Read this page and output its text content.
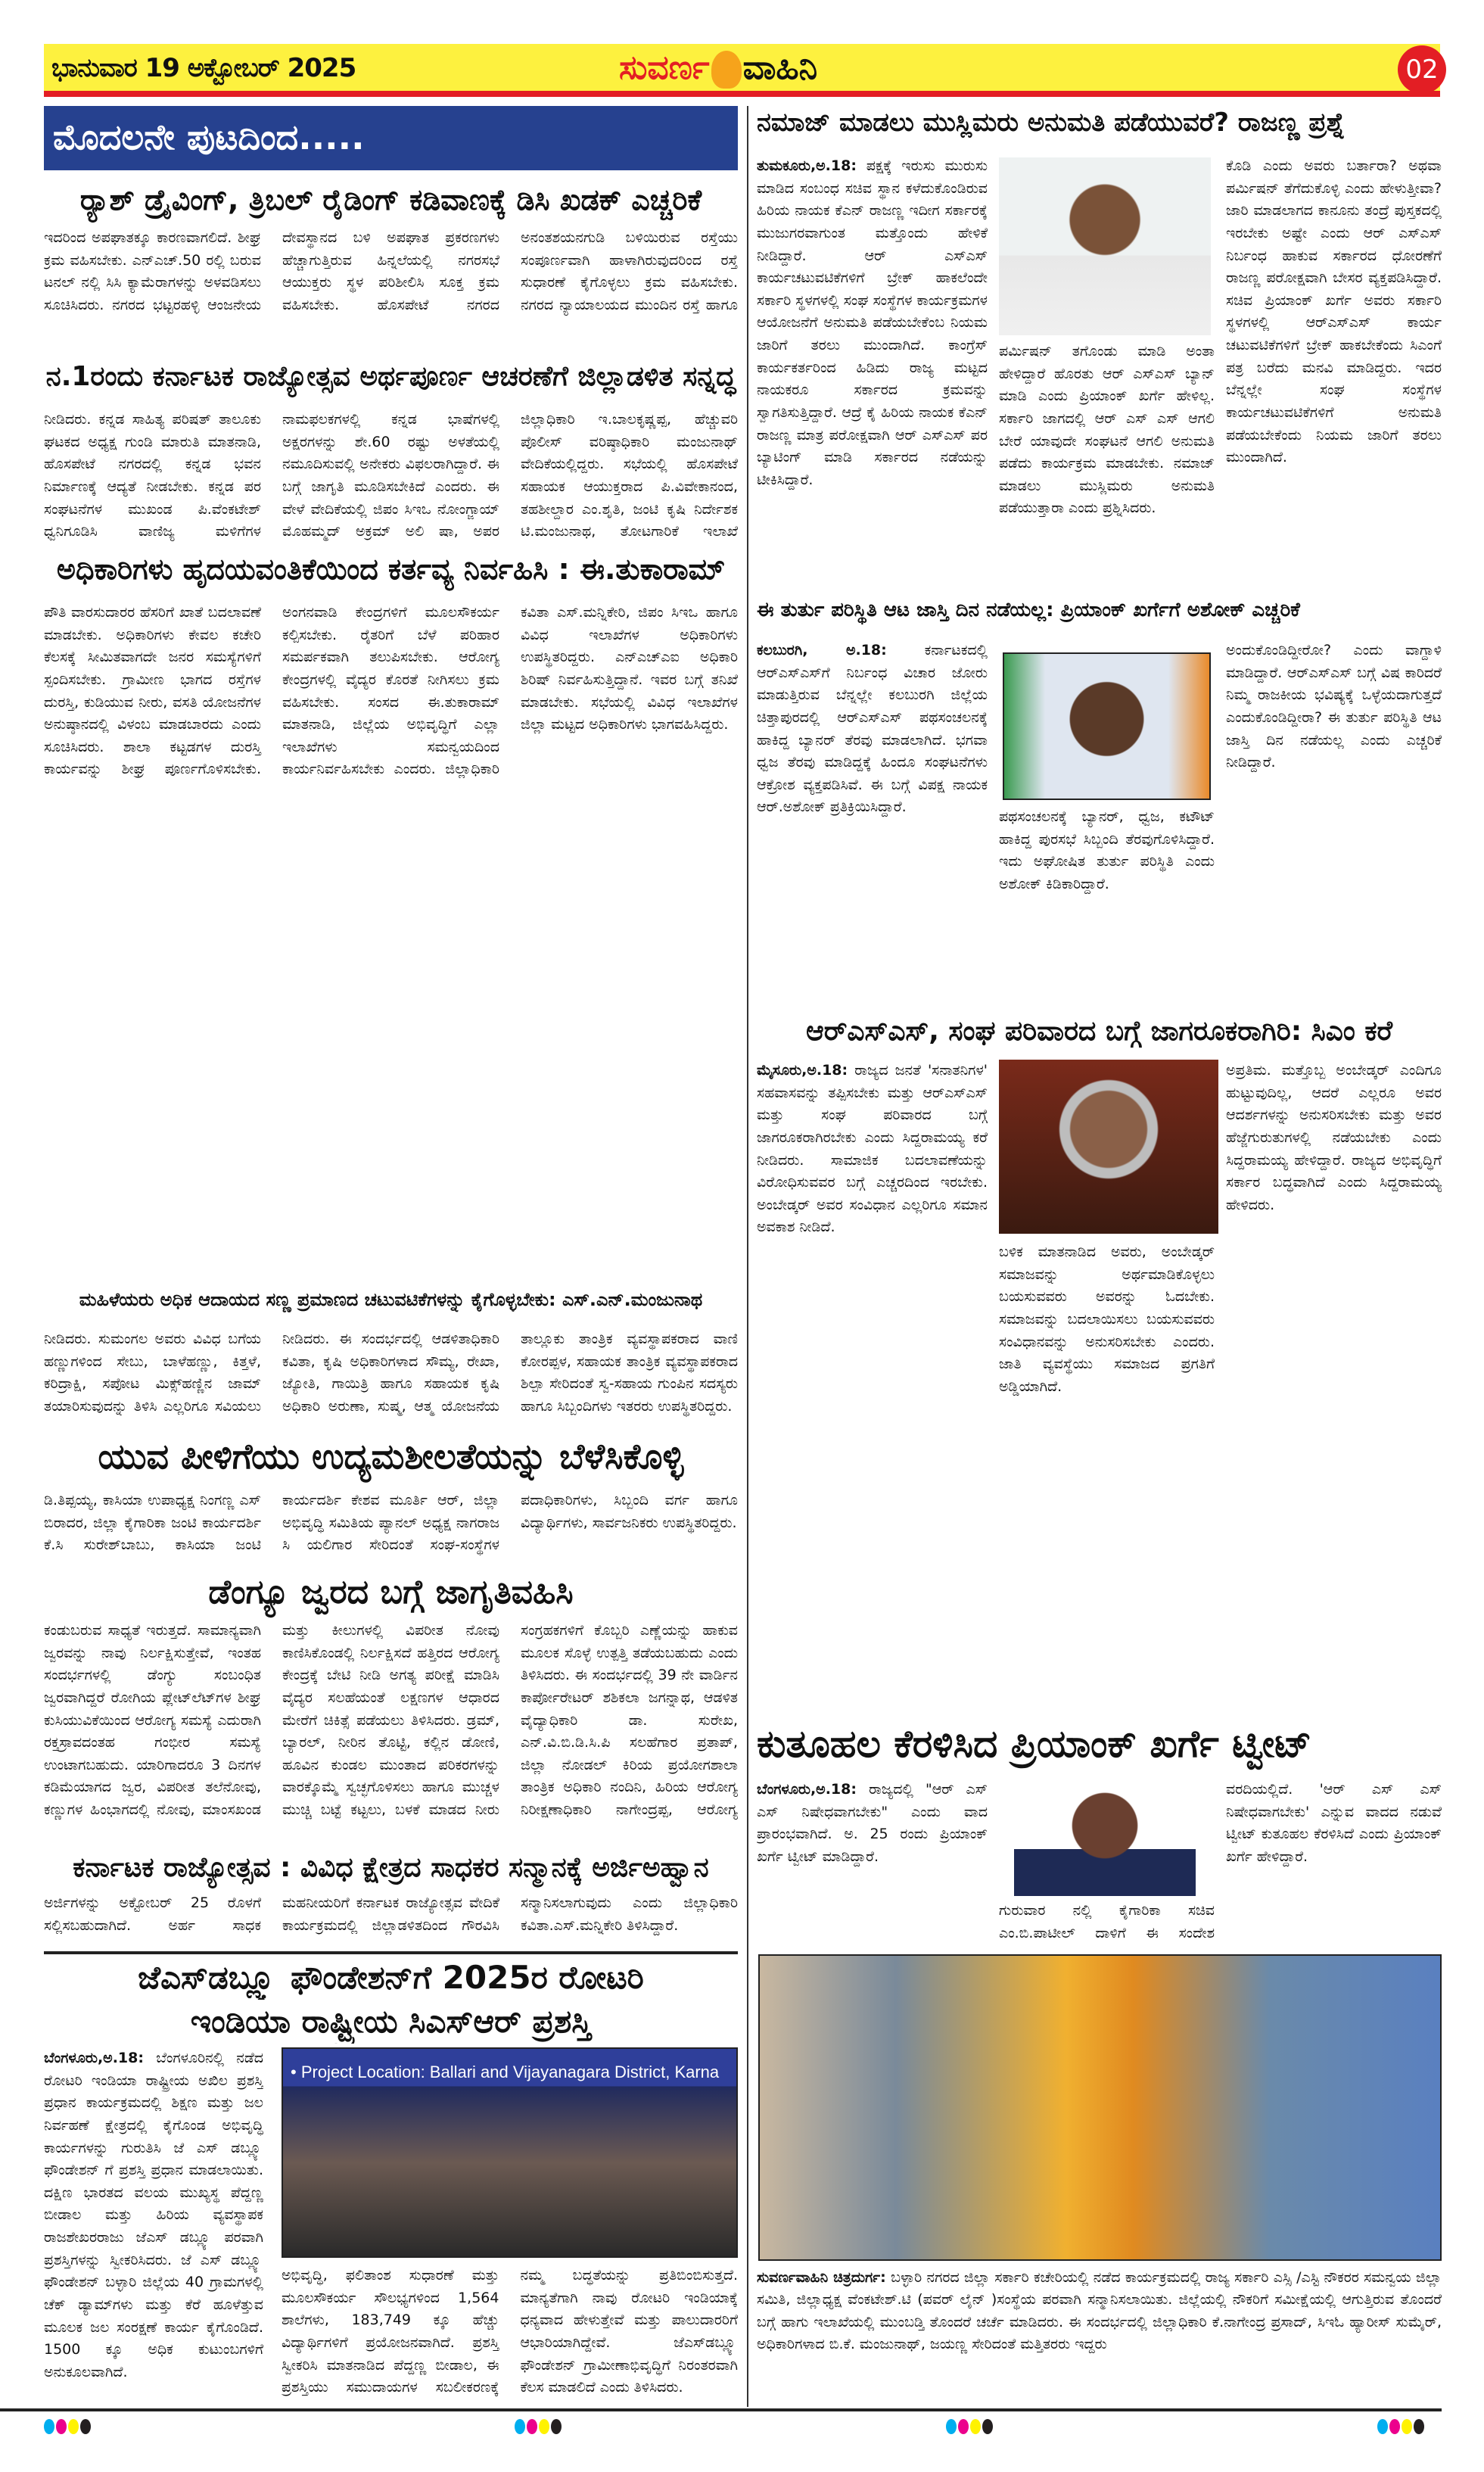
ಭಾನುವಾರ 19 ಅಕ್ಟೋಬರ್ 2025	ಸುವರ್ಣ ವಾಹಿನಿ	02
ಮೊದಲನೇ ಪುಟದಿಂದ.....
ರ್‍ಯಾಶ್ ಡ್ರೈವಿಂಗ್, ತ್ರಿಬಲ್ ರೈಡಿಂಗ್ ಕಡಿವಾಣಕ್ಕೆ ಡಿಸಿ ಖಡಕ್ ಎಚ್ಚರಿಕೆ
ಇದರಿಂದ ಅಪಘಾತಕ್ಕೂ ಕಾರಣವಾಗಲಿದೆ. ಶೀಘ್ರ ಕ್ರಮ ವಹಿಸಬೇಕು. ಎನ್‌ಎಚ್.50 ರಲ್ಲಿ ಬರುವ ಟನಲ್ ನಲ್ಲಿ ಸಿಸಿ ಕ್ಯಾಮೆರಾಗಳನ್ನು ಅಳವಡಿಸಲು ಸೂಚಿಸಿದರು. ನಗರದ ಭಟ್ಟರಹಳ್ಳಿ ಆಂಜನೇಯ ದೇವಸ್ಥಾನದ ಬಳಿ ಅಪಘಾತ ಪ್ರಕರಣಗಳು ಹೆಚ್ಚಾಗುತ್ತಿರುವ ಹಿನ್ನಲೆಯಲ್ಲಿ ನಗರಸಭೆ ಆಯುಕ್ತರು ಸ್ಥಳ ಪರಿಶೀಲಿಸಿ ಸೂಕ್ತ ಕ್ರಮ ವಹಿಸಬೇಕು. ಹೊಸಪೇಟೆ ನಗರದ ಅನಂತಶಯನಗುಡಿ ಬಳಿಯಿರುವ ರಸ್ತೆಯು ಸಂಪೂರ್ಣವಾಗಿ ಹಾಳಾಗಿರುವುದರಿಂದ ರಸ್ತೆ ಸುಧಾರಣೆ ಕೈಗೊಳ್ಳಲು ಕ್ರಮ ವಹಿಸಬೇಕು. ನಗರದ ನ್ಯಾಯಾಲಯದ ಮುಂದಿನ ರಸ್ತೆ ಹಾಗೂ
ನ.1ರಂದು ಕರ್ನಾಟಕ ರಾಜ್ಯೋತ್ಸವ ಅರ್ಥಪೂರ್ಣ ಆಚರಣೆಗೆ ಜಿಲ್ಲಾಡಳಿತ ಸನ್ನದ್ಧ
ನೀಡಿದರು. ಕನ್ನಡ ಸಾಹಿತ್ಯ ಪರಿಷತ್ ತಾಲೂಕು ಘಟಕದ ಅಧ್ಯಕ್ಷ ಗುಂಡಿ ಮಾರುತಿ ಮಾತನಾಡಿ, ಹೊಸಪೇಟೆ ನಗರದಲ್ಲಿ ಕನ್ನಡ ಭವನ ನಿರ್ಮಾಣಕ್ಕೆ ಆದ್ಯತೆ ನೀಡಬೇಕು. ಕನ್ನಡ ಪರ ಸಂಘಟನೆಗಳ ಮುಖಂಡ ಪಿ.ವೆಂಕಟೇಶ್ ಧ್ವನಿಗೂಡಿಸಿ ವಾಣಿಜ್ಯ ಮಳಿಗೆಗಳ ನಾಮಫಲಕಗಳಲ್ಲಿ ಕನ್ನಡ ಭಾಷೆಗಳಲ್ಲಿ ಅಕ್ಷರಗಳನ್ನು ಶೇ.60 ರಷ್ಟು ಅಳತೆಯಲ್ಲಿ ನಮೂದಿಸುವಲ್ಲಿ ಅನೇಕರು ವಿಫಲರಾಗಿದ್ದಾರೆ. ಈ ಬಗ್ಗೆ ಜಾಗೃತಿ ಮೂಡಿಸಬೇಕಿದೆ ಎಂದರು. ಈ ವೇಳೆ ವೇದಿಕೆಯಲ್ಲಿ ಜಿಪಂ ಸಿಇಒ ನೋಂಗ್ಜಾಯ್ ಮೊಹಮ್ಮದ್ ಅಕ್ರಮ್ ಅಲಿ ಷಾ, ಅಪರ ಜಿಲ್ಲಾಧಿಕಾರಿ ಇ.ಬಾಲಕೃಷ್ಣಪ್ಪ, ಹೆಚ್ಚುವರಿ ಪೊಲೀಸ್ ವರಿಷ್ಠಾಧಿಕಾರಿ ಮಂಜುನಾಥ್ ವೇದಿಕೆಯಲ್ಲಿದ್ದರು. ಸಭೆಯಲ್ಲಿ ಹೊಸಪೇಟೆ ಸಹಾಯಕ ಆಯುಕ್ತರಾದ ಪಿ.ವಿವೇಕಾನಂದ, ತಹಶೀಲ್ದಾರ ಎಂ.ಶೃತಿ, ಜಂಟಿ ಕೃಷಿ ನಿರ್ದೇಶಕ ಟಿ.ಮಂಜುನಾಥ, ತೋಟಗಾರಿಕೆ ಇಲಾಖೆ
ಅಧಿಕಾರಿಗಳು ಹೃದಯವಂತಿಕೆಯಿಂದ ಕರ್ತವ್ಯ ನಿರ್ವಹಿಸಿ : ಈ.ತುಕಾರಾಮ್
ಪೌತಿ ವಾರಸುದಾರರ ಹೆಸರಿಗೆ ಖಾತೆ ಬದಲಾವಣೆ ಮಾಡಬೇಕು. ಅಧಿಕಾರಿಗಳು ಕೇವಲ ಕಚೇರಿ ಕೆಲಸಕ್ಕೆ ಸೀಮಿತವಾಗದೇ ಜನರ ಸಮಸ್ಯೆಗಳಿಗೆ ಸ್ಪಂದಿಸಬೇಕು. ಗ್ರಾಮೀಣ ಭಾಗದ ರಸ್ತೆಗಳ ದುರಸ್ತಿ, ಕುಡಿಯುವ ನೀರು, ವಸತಿ ಯೋಜನೆಗಳ ಅನುಷ್ಠಾನದಲ್ಲಿ ವಿಳಂಬ ಮಾಡಬಾರದು ಎಂದು ಸೂಚಿಸಿದರು. ಶಾಲಾ ಕಟ್ಟಡಗಳ ದುರಸ್ತಿ ಕಾರ್ಯವನ್ನು ಶೀಘ್ರ ಪೂರ್ಣಗೊಳಿಸಬೇಕು. ಅಂಗನವಾಡಿ ಕೇಂದ್ರಗಳಿಗೆ ಮೂಲಸೌಕರ್ಯ ಕಲ್ಪಿಸಬೇಕು. ರೈತರಿಗೆ ಬೆಳೆ ಪರಿಹಾರ ಸಮರ್ಪಕವಾಗಿ ತಲುಪಿಸಬೇಕು. ಆರೋಗ್ಯ ಕೇಂದ್ರಗಳಲ್ಲಿ ವೈದ್ಯರ ಕೊರತೆ ನೀಗಿಸಲು ಕ್ರಮ ವಹಿಸಬೇಕು. ಸಂಸದ ಈ.ತುಕಾರಾಮ್ ಮಾತನಾಡಿ, ಜಿಲ್ಲೆಯ ಅಭಿವೃದ್ಧಿಗೆ ಎಲ್ಲಾ ಇಲಾಖೆಗಳು ಸಮನ್ವಯದಿಂದ ಕಾರ್ಯನಿರ್ವಹಿಸಬೇಕು ಎಂದರು. ಜಿಲ್ಲಾಧಿಕಾರಿ ಕವಿತಾ ಎಸ್.ಮನ್ನಿಕೇರಿ, ಜಿಪಂ ಸಿಇಒ ಹಾಗೂ ವಿವಿಧ ಇಲಾಖೆಗಳ ಅಧಿಕಾರಿಗಳು ಉಪಸ್ಥಿತರಿದ್ದರು. ಎನ್‌ಎಚ್‌ಎಐ ಅಧಿಕಾರಿ ಶಿರಿಷ್ ನಿರ್ವಹಿಸುತ್ತಿದ್ದಾನೆ. ಇವರ ಬಗ್ಗೆ ತನಿಖೆ ಮಾಡಬೇಕು. ಸಭೆಯಲ್ಲಿ ವಿವಿಧ ಇಲಾಖೆಗಳ ಜಿಲ್ಲಾ ಮಟ್ಟದ ಅಧಿಕಾರಿಗಳು ಭಾಗವಹಿಸಿದ್ದರು.
ಮಹಿಳೆಯರು ಅಧಿಕ ಆದಾಯದ ಸಣ್ಣ ಪ್ರಮಾಣದ ಚಟುವಟಿಕೆಗಳನ್ನು ಕೈಗೊಳ್ಳಬೇಕು: ಎಸ್.ಎನ್.ಮಂಜುನಾಥ
ನೀಡಿದರು. ಸುಮಂಗಲ ಅವರು ವಿವಿಧ ಬಗೆಯ ಹಣ್ಣುಗಳಿಂದ ಸೇಬು, ಬಾಳೆಹಣ್ಣು, ಕಿತ್ತಳೆ, ಕರಿದ್ರಾಕ್ಷಿ, ಸಪೋಟ ಮಿಕ್ಸ್‌ಹಣ್ಣಿನ ಜಾಮ್ ತಯಾರಿಸುವುದನ್ನು ತಿಳಿಸಿ ಎಲ್ಲರಿಗೂ ಸವಿಯಲು ನೀಡಿದರು. ಈ ಸಂದರ್ಭದಲ್ಲಿ ಆಡಳಿತಾಧಿಕಾರಿ ಕವಿತಾ, ಕೃಷಿ ಅಧಿಕಾರಿಗಳಾದ ಸೌಮ್ಯ, ರೇಖಾ, ಜ್ಯೋತಿ, ಗಾಯಿತ್ರಿ ಹಾಗೂ ಸಹಾಯಕ ಕೃಷಿ ಅಧಿಕಾರಿ ಅರುಣಾ, ಸುಷ್ಮ, ಆತ್ಮ ಯೋಜನೆಯ ತಾಲ್ಲೂಕು ತಾಂತ್ರಿಕ ವ್ಯವಸ್ಥಾಪಕರಾದ ವಾಣಿ ಕೋರಪ್ಪಳ, ಸಹಾಯಕ ತಾಂತ್ರಿಕ ವ್ಯವಸ್ಥಾಪಕರಾದ ಶಿಲ್ಪಾ ಸೇರಿದಂತೆ ಸ್ವ-ಸಹಾಯ ಗುಂಪಿನ ಸದಸ್ಯರು ಹಾಗೂ ಸಿಬ್ಬಂದಿಗಳು ಇತರರು ಉಪಸ್ಥಿತರಿದ್ದರು.
ಯುವ ಪೀಳಿಗೆಯು ಉದ್ಯಮಶೀಲತೆಯನ್ನು ಬೆಳೆಸಿಕೊಳ್ಳಿ
ಡಿ.ತಿಪ್ಪಯ್ಯ, ಕಾಸಿಯಾ ಉಪಾಧ್ಯಕ್ಷ ನಿಂಗಣ್ಣ ಎಸ್ ಬಿರಾದರ, ಜಿಲ್ಲಾ ಕೈಗಾರಿಕಾ ಜಂಟಿ ಕಾರ್ಯದರ್ಶಿ ಕೆ.ಸಿ ಸುರೇಶ್‌ಬಾಬು, ಕಾಸಿಯಾ ಜಂಟಿ ಕಾರ್ಯದರ್ಶಿ ಕೇಶವ ಮೂರ್ತಿ ಆರ್, ಜಿಲ್ಲಾ ಅಭಿವೃದ್ಧಿ ಸಮಿತಿಯ ಪ್ಯಾನಲ್ ಅಧ್ಯಕ್ಷ ನಾಗರಾಜ ಸಿ ಯಲಿಗಾರ ಸೇರಿದಂತೆ ಸಂಘ-ಸಂಸ್ಥೆಗಳ ಪದಾಧಿಕಾರಿಗಳು, ಸಿಬ್ಬಂದಿ ವರ್ಗ ಹಾಗೂ ವಿದ್ಯಾರ್ಥಿಗಳು, ಸಾರ್ವಜನಿಕರು ಉಪಸ್ಥಿತರಿದ್ದರು.
ಡೆಂಗ್ಯೂ ಜ್ವರದ ಬಗ್ಗೆ ಜಾಗೃತಿವಹಿಸಿ
ಕಂಡುಬರುವ ಸಾಧ್ಯತೆ ಇರುತ್ತದೆ. ಸಾಮಾನ್ಯವಾಗಿ ಜ್ವರವನ್ನು ನಾವು ನಿರ್ಲಕ್ಷಿಸುತ್ತೇವೆ, ಇಂತಹ ಸಂದರ್ಭಗಳಲ್ಲಿ ಡೆಂಗ್ಯು ಸಂಬಂಧಿತ ಜ್ವರವಾಗಿದ್ದರೆ ರೋಗಿಯ ಪ್ಲೇಟ್‌ಲೆಟ್‌ಗಳ ಶೀಘ್ರ ಕುಸಿಯುವಿಕೆಯಿಂದ ಆರೋಗ್ಯ ಸಮಸ್ಯೆ ಎದುರಾಗಿ ರಕ್ತಸ್ರಾವದಂತಹ ಗಂಭೀರ ಸಮಸ್ಯೆ ಉಂಟಾಗಬಹುದು. ಯಾರಿಗಾದರೂ 3 ದಿನಗಳ ಕಡಿಮೆಯಾಗದ ಜ್ವರ, ವಿಪರೀತ ತಲೆನೋವು, ಕಣ್ಣುಗಳ ಹಿಂಭಾಗದಲ್ಲಿ ನೋವು, ಮಾಂಸಖಂಡ ಮತ್ತು ಕೀಲುಗಳಲ್ಲಿ ವಿಪರೀತ ನೋವು ಕಾಣಿಸಿಕೊಂಡಲ್ಲಿ ನಿರ್ಲಕ್ಷಿಸದೆ ಹತ್ತಿರದ ಆರೋಗ್ಯ ಕೇಂದ್ರಕ್ಕೆ ಬೇಟಿ ನೀಡಿ ಅಗತ್ಯ ಪರೀಕ್ಷೆ ಮಾಡಿಸಿ ವೈದ್ಯರ ಸಲಹೆಯಂತೆ ಲಕ್ಷಣಗಳ ಆಧಾರದ ಮೇರೆಗೆ ಚಿಕಿತ್ಸೆ ಪಡೆಯಲು ತಿಳಿಸಿದರು. ಡ್ರಮ್, ಬ್ಯಾರಲ್, ನೀರಿನ ತೊಟ್ಟಿ, ಕಲ್ಲಿನ ಡೋಣಿ, ಹೂವಿನ ಕುಂಡಲ ಮುಂತಾದ ಪರಿಕರಗಳನ್ನು ವಾರಕ್ಕೊಮ್ಮೆ ಸ್ವಚ್ಛಗೊಳಿಸಲು ಹಾಗೂ ಮುಚ್ಚಳ ಮುಚ್ಚಿ ಬಟ್ಟೆ ಕಟ್ಟಲು, ಬಳಕೆ ಮಾಡದ ನೀರು ಸಂಗ್ರಹಕಗಳಿಗೆ ಕೊಬ್ಬರಿ ಎಣ್ಣೆಯನ್ನು ಹಾಕುವ ಮೂಲಕ ಸೊಳ್ಳೆ ಉತ್ಪತ್ತಿ ತಡೆಯಬಹುದು ಎಂದು ತಿಳಿಸಿದರು. ಈ ಸಂದರ್ಭದಲ್ಲಿ 39 ನೇ ವಾರ್ಡಿನ ಕಾರ್ಪೋರೇಟರ್ ಶಶಿಕಲಾ ಜಗನ್ನಾಥ, ಆಡಳಿತ ವೈದ್ಯಾಧಿಕಾರಿ ಡಾ. ಸುರೇಖ, ಎನ್.ವಿ.ಬಿ.ಡಿ.ಸಿ.ಪಿ ಸಲಹೆಗಾರ ಪ್ರತಾಪ್, ಜಿಲ್ಲಾ ನೋಡಲ್ ಕಿರಿಯ ಪ್ರಯೋಗಶಾಲಾ ತಾಂತ್ರಿಕ ಅಧಿಕಾರಿ ನಂದಿನಿ, ಹಿರಿಯ ಆರೋಗ್ಯ ನಿರೀಕ್ಷಣಾಧಿಕಾರಿ ನಾಗೇಂದ್ರಪ್ಪ, ಆರೋಗ್ಯ
ಕರ್ನಾಟಕ ರಾಜ್ಯೋತ್ಸವ : ವಿವಿಧ ಕ್ಷೇತ್ರದ ಸಾಧಕರ ಸನ್ಮಾನಕ್ಕೆ ಅರ್ಜಿಅಹ್ವಾನ
ಅರ್ಜಿಗಳನ್ನು ಅಕ್ಟೋಬರ್ 25 ರೊಳಗೆ ಸಲ್ಲಿಸಬಹುದಾಗಿದೆ. ಅರ್ಹ ಸಾಧಕ ಮಹನೀಯರಿಗೆ ಕರ್ನಾಟಕ ರಾಜ್ಯೋತ್ಸವ ವೇದಿಕೆ ಕಾರ್ಯಕ್ರಮದಲ್ಲಿ ಜಿಲ್ಲಾಡಳಿತದಿಂದ ಗೌರವಿಸಿ ಸನ್ಮಾನಿಸಲಾಗುವುದು ಎಂದು ಜಿಲ್ಲಾಧಿಕಾರಿ ಕವಿತಾ.ಎಸ್.ಮನ್ನಿಕೇರಿ ತಿಳಿಸಿದ್ದಾರೆ.
ಜೆಎಸ್‌ಡಬ್ಲ್ಯೂ ಫೌಂಡೇಶನ್‌ಗೆ 2025ರ ರೋಟರಿ
ಇಂಡಿಯಾ ರಾಷ್ಟ್ರೀಯ ಸಿಎಸ್‌ಆರ್ ಪ್ರಶಸ್ತಿ
ಬೆಂಗಳೂರು,ಅ.18: ಬೆಂಗಳೂರಿನಲ್ಲಿ ನಡೆದ ರೋಟರಿ ಇಂಡಿಯಾ ರಾಷ್ಟ್ರೀಯ ಅಖಿಲ ಪ್ರಶಸ್ತಿ ಪ್ರಧಾನ ಕಾರ್ಯಕ್ರಮದಲ್ಲಿ ಶಿಕ್ಷಣ ಮತ್ತು ಜಲ ನಿರ್ವಹಣೆ ಕ್ಷೇತ್ರದಲ್ಲಿ ಕೈಗೊಂಡ ಅಭಿವೃದ್ಧಿ ಕಾರ್ಯಗಳನ್ನು ಗುರುತಿಸಿ ಜೆ ಎಸ್ ಡಬ್ಲ್ಯೂ ಫೌಂಡೇಶನ್ ಗೆ ಪ್ರಶಸ್ತಿ ಪ್ರಧಾನ ಮಾಡಲಾಯಿತು. ದಕ್ಷಿಣ ಭಾರತದ ವಲಯ ಮುಖ್ಯಸ್ಥ ಪೆದ್ದಣ್ಣ ಬೀಡಾಲ ಮತ್ತು ಹಿರಿಯ ವ್ಯವಸ್ಥಾಪಕ ರಾಜಶೇಖರರಾಜು ಜೆಎಸ್ ಡಬ್ಲ್ಯೂ ಪರವಾಗಿ ಪ್ರಶಸ್ತಿಗಳನ್ನು ಸ್ವೀಕರಿಸಿದರು. ಜೆ ಎಸ್ ಡಬ್ಲ್ಯೂ ಫೌಂಡೇಶನ್ ಬಳ್ಳಾರಿ ಜಿಲ್ಲೆಯ 40 ಗ್ರಾಮಗಳಲ್ಲಿ ಚೆಕ್ ಡ್ಯಾಮ್‌ಗಳು ಮತ್ತು ಕೆರೆ ಹೂಳೆತ್ತುವ ಮೂಲಕ ಜಲ ಸಂರಕ್ಷಣೆ ಕಾರ್ಯ ಕೈಗೊಂಡಿದೆ. 1500 ಕ್ಕೂ ಅಧಿಕ ಕುಟುಂಬಗಳಿಗೆ ಅನುಕೂಲವಾಗಿದೆ.
• Project Location: Ballari and Vijayanagara District, Karna
ಅಭಿವೃದ್ಧಿ, ಫಲಿತಾಂಶ ಸುಧಾರಣೆ ಮತ್ತು ಮೂಲಸೌಕರ್ಯ ಸೌಲಭ್ಯಗಳಿಂದ 1,564 ಶಾಲೆಗಳು, 183,749 ಕ್ಕೂ ಹೆಚ್ಚು ವಿದ್ಯಾರ್ಥಿಗಳಿಗೆ ಪ್ರಯೋಜನವಾಗಿದೆ. ಪ್ರಶಸ್ತಿ ಸ್ವೀಕರಿಸಿ ಮಾತನಾಡಿದ ಪೆದ್ದಣ್ಣ ಬೀಡಾಲ, ಈ ಪ್ರಶಸ್ತಿಯು ಸಮುದಾಯಗಳ ಸಬಲೀಕರಣಕ್ಕೆ ನಮ್ಮ ಬದ್ಧತೆಯನ್ನು ಪ್ರತಿಬಿಂಬಿಸುತ್ತದೆ. ಮಾನ್ಯತೆಗಾಗಿ ನಾವು ರೋಟರಿ ಇಂಡಿಯಾಕ್ಕೆ ಧನ್ಯವಾದ ಹೇಳುತ್ತೇವೆ ಮತ್ತು ಪಾಲುದಾರರಿಗೆ ಆಭಾರಿಯಾಗಿದ್ದೇವೆ. ಜೆಎಸ್‌ಡಬ್ಲ್ಯೂ ಫೌಂಡೇಶನ್ ಗ್ರಾಮೀಣಾಭಿವೃದ್ಧಿಗೆ ನಿರಂತರವಾಗಿ ಕೆಲಸ ಮಾಡಲಿದೆ ಎಂದು ತಿಳಿಸಿದರು.
ನಮಾಜ್ ಮಾಡಲು ಮುಸ್ಲಿಮರು ಅನುಮತಿ ಪಡೆಯುವರೆ? ರಾಜಣ್ಣ ಪ್ರಶ್ನೆ
ತುಮಕೂರು,ಅ.18: ಪಕ್ಷಕ್ಕೆ ಇರುಸು ಮುರುಸು ಮಾಡಿದ ಸಂಬಂಧ ಸಚಿವ ಸ್ಥಾನ ಕಳೆದುಕೊಂಡಿರುವ ಹಿರಿಯ ನಾಯಕ ಕೆಎನ್ ರಾಜಣ್ಣ ಇದೀಗ ಸರ್ಕಾರಕ್ಕೆ ಮುಜುಗರವಾಗುಂತ ಮತ್ತೊಂದು ಹೇಳಿಕೆ ನೀಡಿದ್ದಾರೆ. ಆರ್ ಎಸ್‌ಎಸ್ ಕಾರ್ಯಚಟುವಟಿಕೆಗಳಿಗೆ ಬ್ರೇಕ್ ಹಾಕಲೆಂದೇ ಸರ್ಕಾರಿ ಸ್ಥಳಗಳಲ್ಲಿ ಸಂಘ ಸಂಸ್ಥೆಗಳ ಕಾರ್ಯಕ್ರಮಗಳ ಆಯೋಜನೆಗೆ ಅನುಮತಿ ಪಡೆಯಬೇಕೆಂಬ ನಿಯಮ ಜಾರಿಗೆ ತರಲು ಮುಂದಾಗಿದೆ. ಕಾಂಗ್ರೆಸ್ ಕಾರ್ಯಕರ್ತರಿಂದ ಹಿಡಿದು ರಾಜ್ಯ ಮಟ್ಟದ ನಾಯಕರೂ ಸರ್ಕಾರದ ಕ್ರಮವನ್ನು ಸ್ವಾಗತಿಸುತ್ತಿದ್ದಾರೆ. ಆದ್ರೆ ಕೈ ಹಿರಿಯ ನಾಯಕ ಕೆಎನ್ ರಾಜಣ್ಣ ಮಾತ್ರ ಪರೋಕ್ಷವಾಗಿ ಆರ್ ಎಸ್‌ಎಸ್ ಪರ ಬ್ಯಾಟಿಂಗ್ ಮಾಡಿ ಸರ್ಕಾರದ ನಡೆಯನ್ನು ಟೀಕಿಸಿದ್ದಾರೆ.
ಪರ್ಮಿಷನ್ ತಗೊಂಡು ಮಾಡಿ ಅಂತಾ ಹೇಳಿದ್ದಾರೆ ಹೊರತು ಆರ್ ಎಸ್‌ಎಸ್ ಬ್ಯಾನ್ ಮಾಡಿ ಎಂದು ಪ್ರಿಯಾಂಕ್ ಖರ್ಗೆ ಹೇಳಿಲ್ಲ. ಸರ್ಕಾರಿ ಜಾಗದಲ್ಲಿ ಆರ್ ಎಸ್ ಎಸ್ ಆಗಲಿ ಬೇರೆ ಯಾವುದೇ ಸಂಘಟನೆ ಆಗಲಿ ಅನುಮತಿ ಪಡೆದು ಕಾರ್ಯಕ್ರಮ ಮಾಡಬೇಕು. ನಮಾಜ್ ಮಾಡಲು ಮುಸ್ಲಿಮರು ಅನುಮತಿ ಪಡೆಯುತ್ತಾರಾ ಎಂದು ಪ್ರಶ್ನಿಸಿದರು.
ಕೊಡಿ ಎಂದು ಅವರು ಬರ್ತಾರಾ? ಅಥವಾ ಪರ್ಮಿಷನ್ ತೆಗೆದುಕೊಳ್ಳಿ ಎಂದು ಹೇಳುತ್ತೀವಾ? ಜಾರಿ ಮಾಡಲಾಗದ ಕಾನೂನು ತಂದ್ರೆ ಪುಸ್ತಕದಲ್ಲಿ ಇರಬೇಕು ಅಷ್ಟೇ ಎಂದು ಆರ್ ಎಸ್‌ಎಸ್ ನಿರ್ಬಂಧ ಹಾಕುವ ಸರ್ಕಾರದ ಧೋರಣೆಗೆ ರಾಜಣ್ಣ ಪರೋಕ್ಷವಾಗಿ ಬೇಸರ ವ್ಯಕ್ತಪಡಿಸಿದ್ದಾರೆ. ಸಚಿವ ಪ್ರಿಯಾಂಕ್ ಖರ್ಗೆ ಅವರು ಸರ್ಕಾರಿ ಸ್ಥಳಗಳಲ್ಲಿ ಆರ್‌ಎಸ್‌ಎಸ್ ಕಾರ್ಯ ಚಟುವಟಿಕೆಗಳಿಗೆ ಬ್ರೇಕ್ ಹಾಕಬೇಕೆಂದು ಸಿಎಂಗೆ ಪತ್ರ ಬರೆದು ಮನವಿ ಮಾಡಿದ್ದರು. ಇದರ ಬೆನ್ನಲ್ಲೇ ಸಂಘ ಸಂಸ್ಥೆಗಳ ಕಾರ್ಯಚಟುವಟಿಕೆಗಳಿಗೆ ಅನುಮತಿ ಪಡೆಯಬೇಕೆಂದು ನಿಯಮ ಜಾರಿಗೆ ತರಲು ಮುಂದಾಗಿದೆ.
ಈ ತುರ್ತು ಪರಿಸ್ಥಿತಿ ಆಟ ಜಾಸ್ತಿ ದಿನ ನಡೆಯಲ್ಲ: ಪ್ರಿಯಾಂಕ್ ಖರ್ಗೆಗೆ ಅಶೋಕ್ ಎಚ್ಚರಿಕೆ
ಕಲಬುರಗಿ, ಅ.18:	ಕರ್ನಾಟಕದಲ್ಲಿ ಆರ್‌ಎಸ್‌ಎಸ್‌ಗೆ ನಿರ್ಬಂಧ ವಿಚಾರ ಜೋರು ಮಾಡುತ್ತಿರುವ ಬೆನ್ನಲ್ಲೇ ಕಲಬುರಗಿ ಜಿಲ್ಲೆಯ ಚಿತ್ತಾಪುರದಲ್ಲಿ ಆರ್‌ಎಸ್‌ಎಸ್ ಪಥಸಂಚಲನಕ್ಕೆ ಹಾಕಿದ್ದ ಬ್ಯಾನರ್ ತೆರವು ಮಾಡಲಾಗಿದೆ. ಭಗವಾ ಧ್ವಜ ತೆರವು ಮಾಡಿದ್ದಕ್ಕೆ ಹಿಂದೂ ಸಂಘಟನೆಗಳು ಆಕ್ರೋಶ ವ್ಯಕ್ತಪಡಿಸಿವೆ. ಈ ಬಗ್ಗೆ ವಿಪಕ್ಷ ನಾಯಕ ಆರ್.ಅಶೋಕ್ ಪ್ರತಿಕ್ರಿಯಿಸಿದ್ದಾರೆ.
ಪಥಸಂಚಲನಕ್ಕೆ ಬ್ಯಾನರ್, ಧ್ವಜ, ಕಟೌಟ್ ಹಾಕಿದ್ದ ಪುರಸಭೆ ಸಿಬ್ಬಂದಿ ತೆರವುಗೊಳಿಸಿದ್ದಾರೆ. ಇದು ಅಘೋಷಿತ ತುರ್ತು ಪರಿಸ್ಥಿತಿ ಎಂದು ಅಶೋಕ್ ಕಿಡಿಕಾರಿದ್ದಾರೆ.
ಅಂದುಕೊಂಡಿದ್ದೀರೋ? ಎಂದು ವಾಗ್ದಾಳಿ ಮಾಡಿದ್ದಾರೆ. ಆರ್‌ಎಸ್‌ಎಸ್ ಬಗ್ಗೆ ವಿಷ ಕಾರಿದರೆ ನಿಮ್ಮ ರಾಜಕೀಯ ಭವಿಷ್ಯಕ್ಕೆ ಒಳ್ಳೆಯದಾಗುತ್ತದೆ ಎಂದುಕೊಂಡಿದ್ದೀರಾ? ಈ ತುರ್ತು ಪರಿಸ್ಥಿತಿ ಆಟ ಜಾಸ್ತಿ ದಿನ ನಡೆಯಲ್ಲ ಎಂದು ಎಚ್ಚರಿಕೆ ನೀಡಿದ್ದಾರೆ.
ಆರ್‌ಎಸ್‌ಎಸ್, ಸಂಘ ಪರಿವಾರದ ಬಗ್ಗೆ ಜಾಗರೂಕರಾಗಿರಿ: ಸಿಎಂ ಕರೆ
ಮೈಸೂರು,ಅ.18: ರಾಜ್ಯದ ಜನತೆ 'ಸನಾತನಿಗಳ' ಸಹವಾಸವನ್ನು ತಪ್ಪಿಸಬೇಕು ಮತ್ತು ಆರ್‌ಎಸ್‌ಎಸ್ ಮತ್ತು ಸಂಘ ಪರಿವಾರದ ಬಗ್ಗೆ ಜಾಗರೂಕರಾಗಿರಬೇಕು ಎಂದು ಸಿದ್ದರಾಮಯ್ಯ ಕರೆ ನೀಡಿದರು. ಸಾಮಾಜಿಕ ಬದಲಾವಣೆಯನ್ನು ವಿರೋಧಿಸುವವರ ಬಗ್ಗೆ ಎಚ್ಚರದಿಂದ ಇರಬೇಕು. ಅಂಬೇಡ್ಕರ್ ಅವರ ಸಂವಿಧಾನ ಎಲ್ಲರಿಗೂ ಸಮಾನ ಅವಕಾಶ ನೀಡಿದೆ.
ಬಳಿಕ ಮಾತನಾಡಿದ ಅವರು, ಅಂಬೇಡ್ಕರ್ ಸಮಾಜವನ್ನು ಅರ್ಥಮಾಡಿಕೊಳ್ಳಲು ಬಯಸುವವರು ಅವರನ್ನು ಓದಬೇಕು. ಸಮಾಜವನ್ನು ಬದಲಾಯಿಸಲು ಬಯಸುವವರು ಸಂವಿಧಾನವನ್ನು ಅನುಸರಿಸಬೇಕು ಎಂದರು. ಜಾತಿ ವ್ಯವಸ್ಥೆಯು ಸಮಾಜದ ಪ್ರಗತಿಗೆ ಅಡ್ಡಿಯಾಗಿದೆ.
ಅಪ್ರತಿಮ. ಮತ್ತೊಬ್ಬ ಅಂಬೇಡ್ಕರ್ ಎಂದಿಗೂ ಹುಟ್ಟುವುದಿಲ್ಲ, ಆದರೆ ಎಲ್ಲರೂ ಅವರ ಆದರ್ಶಗಳನ್ನು ಅನುಸರಿಸಬೇಕು ಮತ್ತು ಅವರ ಹೆಜ್ಜೆಗುರುತುಗಳಲ್ಲಿ ನಡೆಯಬೇಕು ಎಂದು ಸಿದ್ದರಾಮಯ್ಯ ಹೇಳಿದ್ದಾರೆ. ರಾಜ್ಯದ ಅಭಿವೃದ್ಧಿಗೆ ಸರ್ಕಾರ ಬದ್ಧವಾಗಿದೆ ಎಂದು ಸಿದ್ದರಾಮಯ್ಯ ಹೇಳಿದರು.
ಕುತೂಹಲ ಕೆರಳಿಸಿದ ಪ್ರಿಯಾಂಕ್ ಖರ್ಗೆ ಟ್ವೀಟ್
ಬೆಂಗಳೂರು,ಅ.18: ರಾಜ್ಯದಲ್ಲಿ "ಆರ್ ಎಸ್ ಎಸ್ ನಿಷೇಧವಾಗಬೇಕು" ಎಂದು ವಾದ ಪ್ರಾರಂಭವಾಗಿದೆ. ಅ. 25 ರಂದು ಪ್ರಿಯಾಂಕ್ ಖರ್ಗೆ ಟ್ವೀಟ್ ಮಾಡಿದ್ದಾರೆ.
ಗುರುವಾರ ನಲ್ಲಿ ಕೈಗಾರಿಕಾ ಸಚಿವ ಎಂ.ಬಿ.ಪಾಟೀಲ್ ದಾಳಿಗೆ ಈ ಸಂದೇಶ
ವರದಿಯಲ್ಲಿದೆ. 'ಆರ್ ಎಸ್ ಎಸ್ ನಿಷೇಧವಾಗಬೇಕು' ಎನ್ನುವ ವಾದದ ನಡುವೆ ಟ್ವೀಟ್ ಕುತೂಹಲ ಕೆರಳಿಸಿದೆ ಎಂದು ಪ್ರಿಯಾಂಕ್ ಖರ್ಗೆ ಹೇಳಿದ್ದಾರೆ.
ಸುವರ್ಣವಾಹಿನಿ ಚಿತ್ರದುರ್ಗ: ಬಳ್ಳಾರಿ ನಗರದ ಜಿಲ್ಲಾ ಸರ್ಕಾರಿ ಕಚೇರಿಯಲ್ಲಿ ನಡೆದ ಕಾರ್ಯಕ್ರಮದಲ್ಲಿ ರಾಜ್ಯ ಸರ್ಕಾರಿ ಎಸ್ಸಿ /ಎಸ್ಟಿ ನೌಕರರ ಸಮನ್ವಯ ಜಿಲ್ಲಾ ಸಮಿತಿ, ಜಿಲ್ಲಾಧ್ಯಕ್ಷ ವೆಂಕಟೇಶ್.ಟಿ (ಪವರ್ ಲೈನ್ )ಸಂಸ್ಥೆಯ ಪರವಾಗಿ ಸನ್ಮಾನಿಸಲಾಯಿತು. ಜಿಲ್ಲೆಯಲ್ಲಿ ನೌಕರಿಗೆ ಸಮೀಕ್ಷೆಯಲ್ಲಿ ಆಗುತ್ತಿರುವ ತೊಂದರೆ ಬಗ್ಗೆ ಹಾಗು ಇಲಾಖೆಯಲ್ಲಿ ಮುಂಬಡ್ತಿ ತೊಂದರೆ ಚರ್ಚೆ ಮಾಡಿದರು. ಈ ಸಂದರ್ಭದಲ್ಲಿ ಜಿಲ್ಲಾಧಿಕಾರಿ ಕೆ.ನಾಗೇಂದ್ರ ಪ್ರಸಾದ್, ಸಿಇಓ ಹ್ಯಾರೀಸ್ ಸುಮೈರ್, ಅಧಿಕಾರಿಗಳಾದ ಬಿ.ಕೆ. ಮಂಜುನಾಥ್, ಜಯಣ್ಣ ಸೇರಿದಂತೆ ಮತ್ತಿತರರು ಇದ್ದರು
